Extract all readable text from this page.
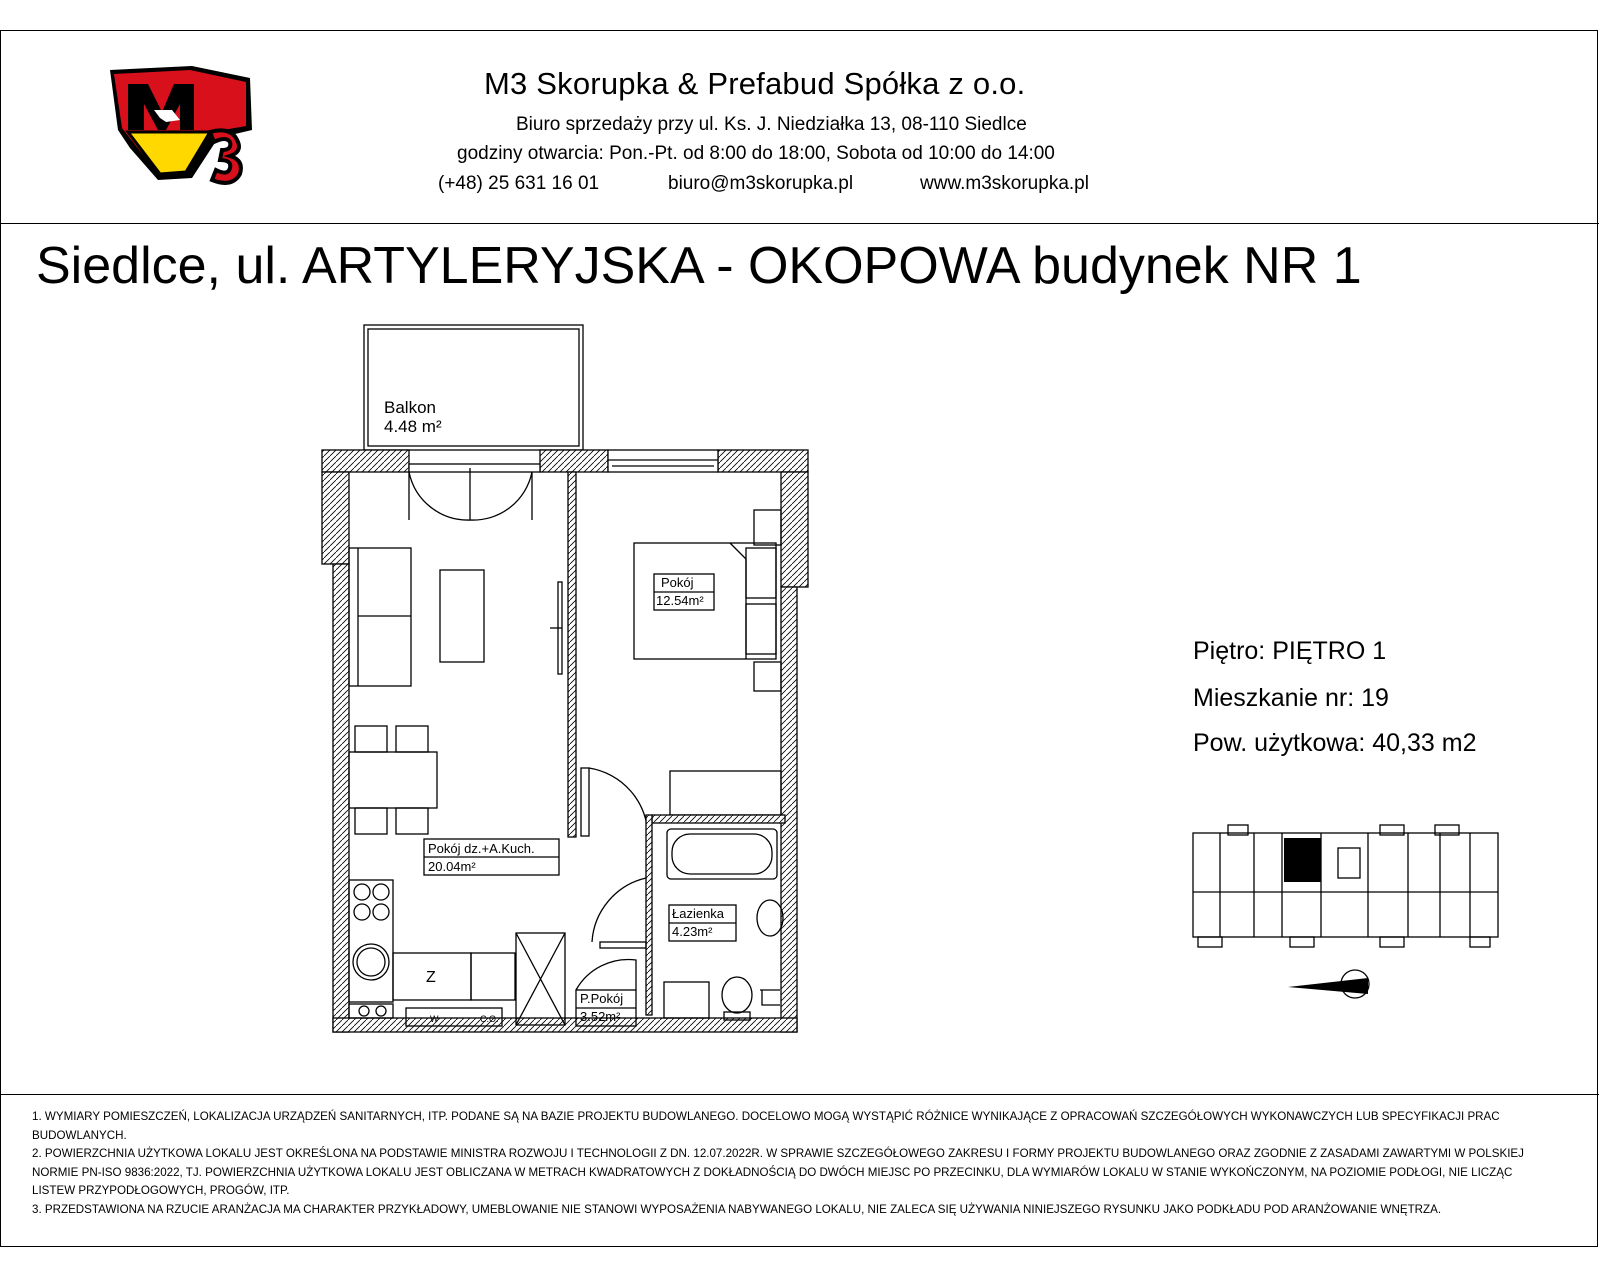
M3 Skorupka & Prefabud Spółka z o.o.
Biuro sprzedaży przy ul. Ks. J. Niedziałka 13, 08-110 Siedlce
godziny otwarcia: Pon.-Pt. od 8:00 do 18:00, Sobota od 10:00 do 14:00
(+48) 25 631 16 01	biuro@m3skorupka.pl	www.m3skorupka.pl
Siedlce, ul. ARTYLERYJSKA - OKOPOWA budynek NR 1
Balkon
4.48 m²
Pokój
12.54m²
Pokój dz.+A.Kuch.
20.04m²
Łazienka
4.23m²
P.Pokój
3.52m²
Z
W	C.O.
Z
Piętro: PIĘTRO 1
Mieszkanie nr: 19
Pow. użytkowa: 40,33 m2

1. WYMIARY POMIESZCZEŃ, LOKALIZACJA URZĄDZEŃ SANITARNYCH, ITP. PODANE SĄ NA BAZIE PROJEKTU BUDOWLANEGO. DOCELOWO MOGĄ WYSTĄPIĆ RÓŻNICE WYNIKAJĄCE Z OPRACOWAŃ SZCZEGÓŁOWYCH WYKONAWCZYCH LUB SPECYFIKACJI PRAC BUDOWLANYCH.

2. POWIERZCHNIA UŻYTKOWA LOKALU JEST OKREŚLONA NA PODSTAWIE MINISTRA ROZWOJU I TECHNOLOGII Z DN. 12.07.2022R. W SPRAWIE SZCZEGÓŁOWEGO ZAKRESU I FORMY PROJEKTU BUDOWLANEGO ORAZ ZGODNIE Z ZASADAMI ZAWARTYMI W POLSKIEJ NORMIE PN-ISO 9836:2022, TJ. POWIERZCHNIA UŻYTKOWA LOKALU JEST OBLICZANA W METRACH KWADRATOWYCH Z DOKŁADNOŚCIĄ DO DWÓCH MIEJSC PO PRZECINKU, DLA WYMIARÓW LOKALU W STANIE WYKOŃCZONYM, NA POZIOMIE PODŁOGI, NIE LICZĄC LISTEW PRZYPODŁOGOWYCH, PROGÓW, ITP.

3. PRZEDSTAWIONA NA RZUCIE ARANŻACJA MA CHARAKTER PRZYKŁADOWY, UMEBLOWANIE NIE STANOWI WYPOSAŻENIA NABYWANEGO LOKALU, NIE ZALECA SIĘ UŻYWANIA NINIEJSZEGO RYSUNKU JAKO PODKŁADU POD ARANŻOWANIE WNĘTRZA.
